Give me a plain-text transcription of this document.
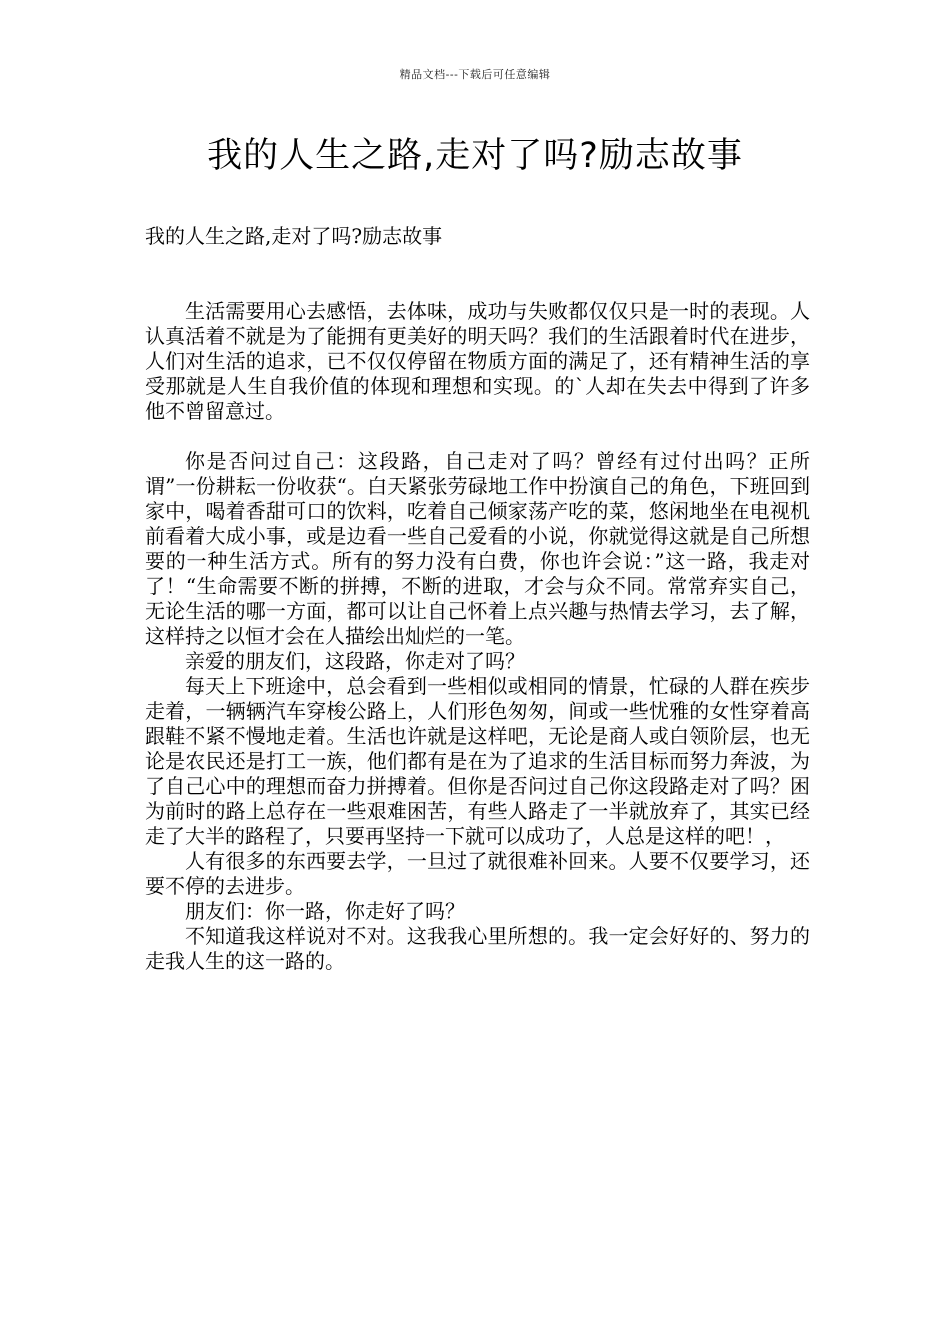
精品文档---下载后可任意编辑
我的人生之路,走对了吗?励志故事

我的人生之路,走对了吗?励志故事

生活需要用心去感悟，去体味，成功与失败都仅仅只是一时的表现。人认真活着不就是为了能拥有更美好的明天吗？我们的生活跟着时代在进步，人们对生活的追求，已不仅仅停留在物质方面的满足了，还有精神生活的享受那就是人生自我价值的体现和理想和实现。的`人却在失去中得到了许多他不曾留意过。

你是否问过自己：这段路，自己走对了吗？曾经有过付出吗？正所谓”一份耕耘一份收获“。白天紧张劳碌地工作中扮演自己的角色，下班回到家中，喝着香甜可口的饮料，吃着自己倾家荡产吃的菜，悠闲地坐在电视机前看着大成小事，或是边看一些自己爱看的小说，你就觉得这就是自己所想要的一种生活方式。所有的努力没有白费，你也许会说：”这一路，我走对了！“生命需要不断的拼搏，不断的进取，才会与众不同。常常弃实自己，无论生活的哪一方面，都可以让自己怀着上点兴趣与热情去学习，去了解，这样持之以恒才会在人描绘出灿烂的一笔。

亲爱的朋友们，这段路，你走对了吗？

每天上下班途中，总会看到一些相似或相同的情景，忙碌的人群在疾步走着，一辆辆汽车穿梭公路上，人们形色匆匆，间或一些忧雅的女性穿着高跟鞋不紧不慢地走着。生活也许就是这样吧，无论是商人或白领阶层，也无论是农民还是打工一族，他们都有是在为了追求的生活目标而努力奔波，为了自己心中的理想而奋力拼搏着。但你是否问过自己你这段路走对了吗？困为前时的路上总存在一些艰难困苦，有些人路走了一半就放弃了，其实已经走了大半的路程了，只要再坚持一下就可以成功了，人总是这样的吧！，

人有很多的东西要去学，一旦过了就很难补回来。人要不仅要学习，还要不停的去进步。

朋友们：你一路，你走好了吗？

不知道我这样说对不对。这我我心里所想的。我一定会好好的、努力的走我人生的这一路的。
